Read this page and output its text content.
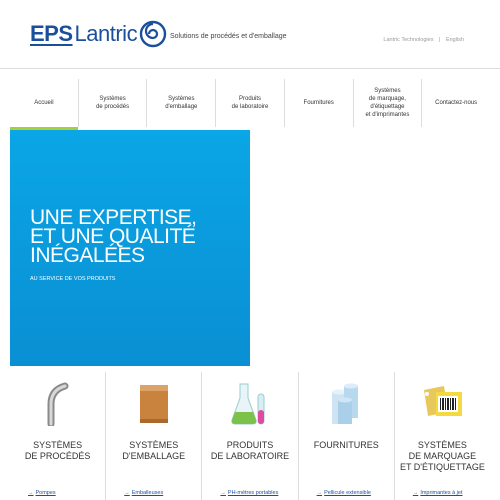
EPS Lantric	Solutions de procédés et d'emballage	Lantric Technologies | English
Accueil
Systèmes
de procédés
Systèmes
d'emballage
Produits
de laboratoire
Fournitures
Systèmes
de marquage,
d'étiquettage
et d'imprimantes
Contactez-nous
UNE EXPERTISE,
ET UNE QUALITÉ
INÉGALÉES
AU SERVICE DE VOS PRODUITS
SYSTÈMES
DE PROCÉDÉS
→ Pompes
SYSTÈMES
D'EMBALLAGE
→ Emballeuses
PRODUITS
DE LABORATOIRE
→ PH-mètres portables
FOURNITURES
→ Pellicule extensible
SYSTÈMES
DE MARQUAGE
ET D'ÉTIQUETTAGE
→ Imprimantes à jet
